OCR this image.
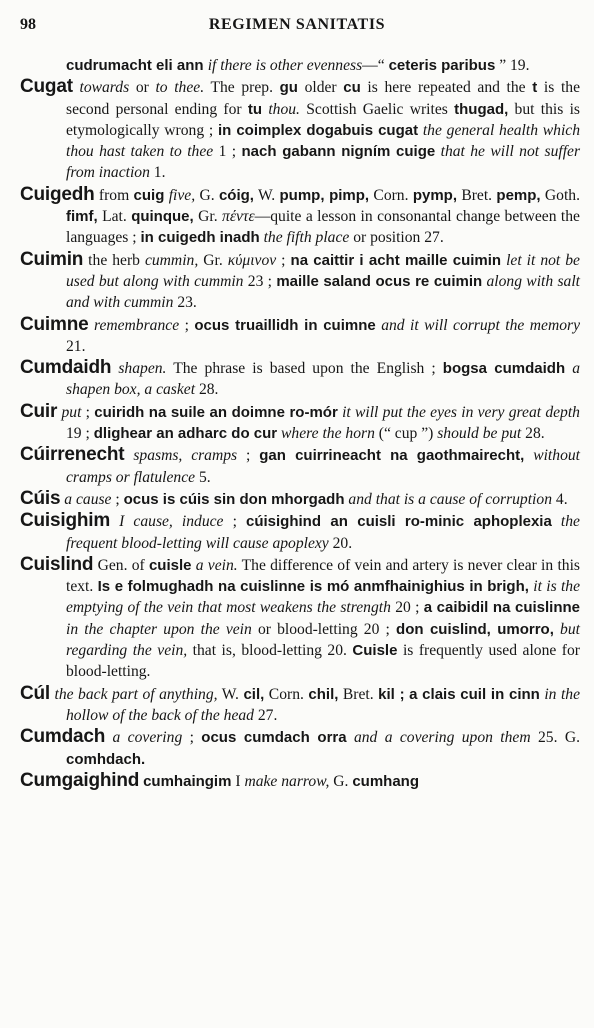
98	REGIMEN SANITATIS
cudrumacht eli ann if there is other evenness—“ ceteris paribus ” 19.
Cugat towards or to thee. The prep. gu older cu is here repeated and the t is the second personal ending for tu thou. Scottish Gaelic writes thugad, but this is etymologically wrong ; in coimplex dogabuis cugat the general health which thou hast taken to thee 1 ; nach gabann nigním cuige that he will not suffer from inaction 1.
Cuigedh from cuig five, G. cóig, W. pump, pimp, Corn. pymp, Bret. pemp, Goth. fimf, Lat. quinque, Gr. πέντε—quite a lesson in consonantal change between the languages ; in cuigedh inadh the fifth place or position 27.
Cuimin the herb cummin, Gr. κύμινον ; na caittir i acht maille cuimin let it not be used but along with cummin 23 ; maille saland ocus re cuimin along with salt and with cummin 23.
Cuimne remembrance ; ocus truaillidh in cuimne and it will corrupt the memory 21.
Cumdaidh shapen. The phrase is based upon the English ; bogsa cumdaidh a shapen box, a casket 28.
Cuir put ; cuiridh na suile an doimne ro-mór it will put the eyes in very great depth 19 ; dlighear an adharc do cur where the horn (“ cup ”) should be put 28.
Cúirrenecht spasms, cramps ; gan cuirrineacht na gaothmairecht, without cramps or flatulence 5.
Cúis a cause ; ocus is cúis sin don mhorgadh and that is a cause of corruption 4.
Cuisighim I cause, induce ; cúisighind an cuisli ro-minic aphoplexia the frequent blood-letting will cause apoplexy 20.
Cuislind Gen. of cuisle a vein. The difference of vein and artery is never clear in this text. Is e folmughadh na cuislinne is mó anmfhainighius in brigh, it is the emptying of the vein that most weakens the strength 20 ; a caibidil na cuislinne in the chapter upon the vein or blood-letting 20 ; don cuislind, umorro, but regarding the vein, that is, blood-letting 20. Cuisle is frequently used alone for blood-letting.
Cúl the back part of anything, W. cil, Corn. chil, Bret. kil ; a clais cuil in cinn in the hollow of the back of the head 27.
Cumdach a covering ; ocus cumdach orra and a covering upon them 25. G. comhdach.
Cumgaighind cumhaingim I make narrow, G. cumhang
